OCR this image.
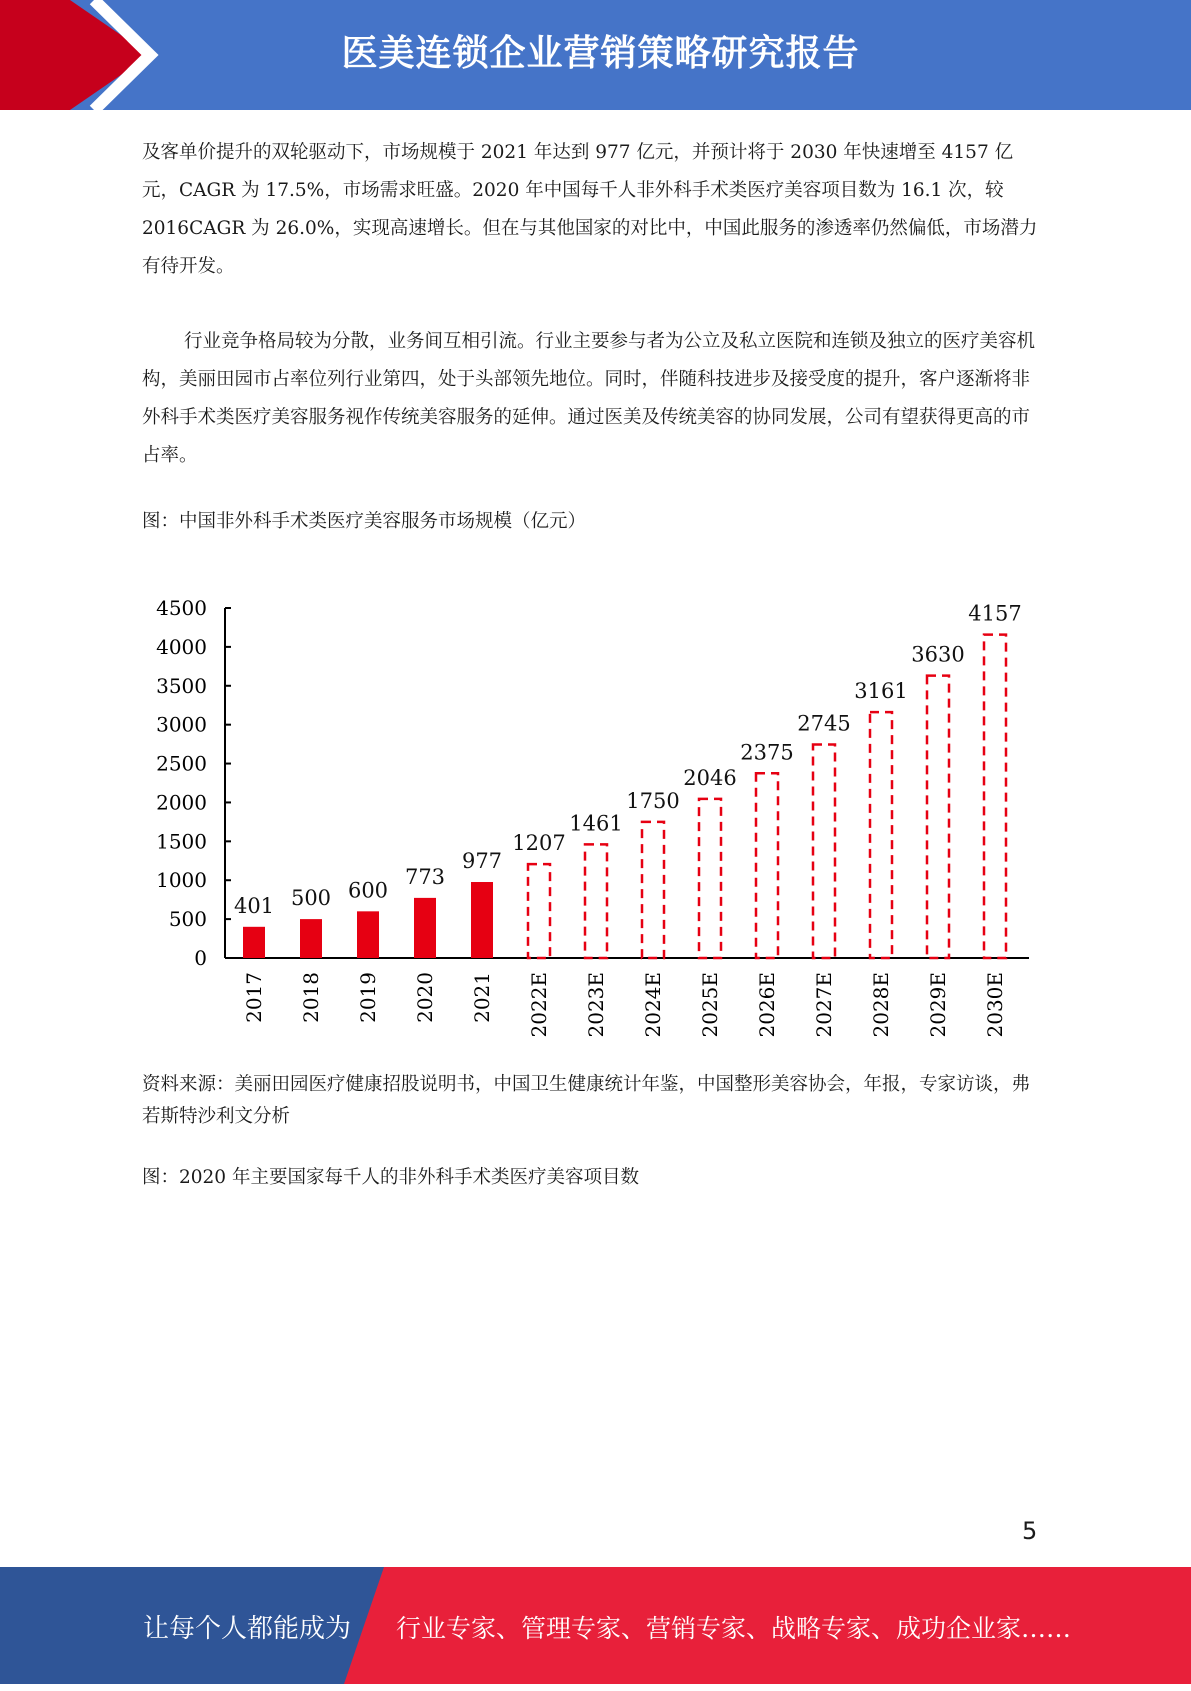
医美连锁企业营销策略研究报告

及客单价提升的双轮驱动下，市场规模于 2021 年达到 977 亿元，并预计将于 2030 年快速增至 4157 亿元，CAGR 为 17.5%，市场需求旺盛。2020 年中国每千人非外科手术类医疗美容项目数为 16.1 次，较 2016CAGR 为 26.0%，实现高速增长。但在与其他国家的对比中，中国此服务的渗透率仍然偏低，市场潜力有待开发。

行业竞争格局较为分散，业务间互相引流。行业主要参与者为公立及私立医院和连锁及独立的医疗美容机构，美丽田园市占率位列行业第四，处于头部领先地位。同时，伴随科技进步及接受度的提升，客户逐渐将非外科手术类医疗美容服务视作传统美容服务的延伸。通过医美及传统美容的协同发展，公司有望获得更高的市占率。

图：中国非外科手术类医疗美容服务市场规模（亿元）

0
500
1000
1500
2000
2500
3000
3500
4000
4500
401
2017
500
2018
600
2019
773
2020
977
2021
1207
2022E
1461
2023E
1750
2024E
2046
2025E
2375
2026E
2745
2027E
3161
2028E
3630
2029E
4157
2030E

资料来源：美丽田园医疗健康招股说明书，中国卫生健康统计年鉴，中国整形美容协会，年报，专家访谈，弗若斯特沙利文分析

图：2020 年主要国家每千人的非外科手术类医疗美容项目数

5
让每个人都能成为 行业专家、管理专家、营销专家、战略专家、成功企业家……
